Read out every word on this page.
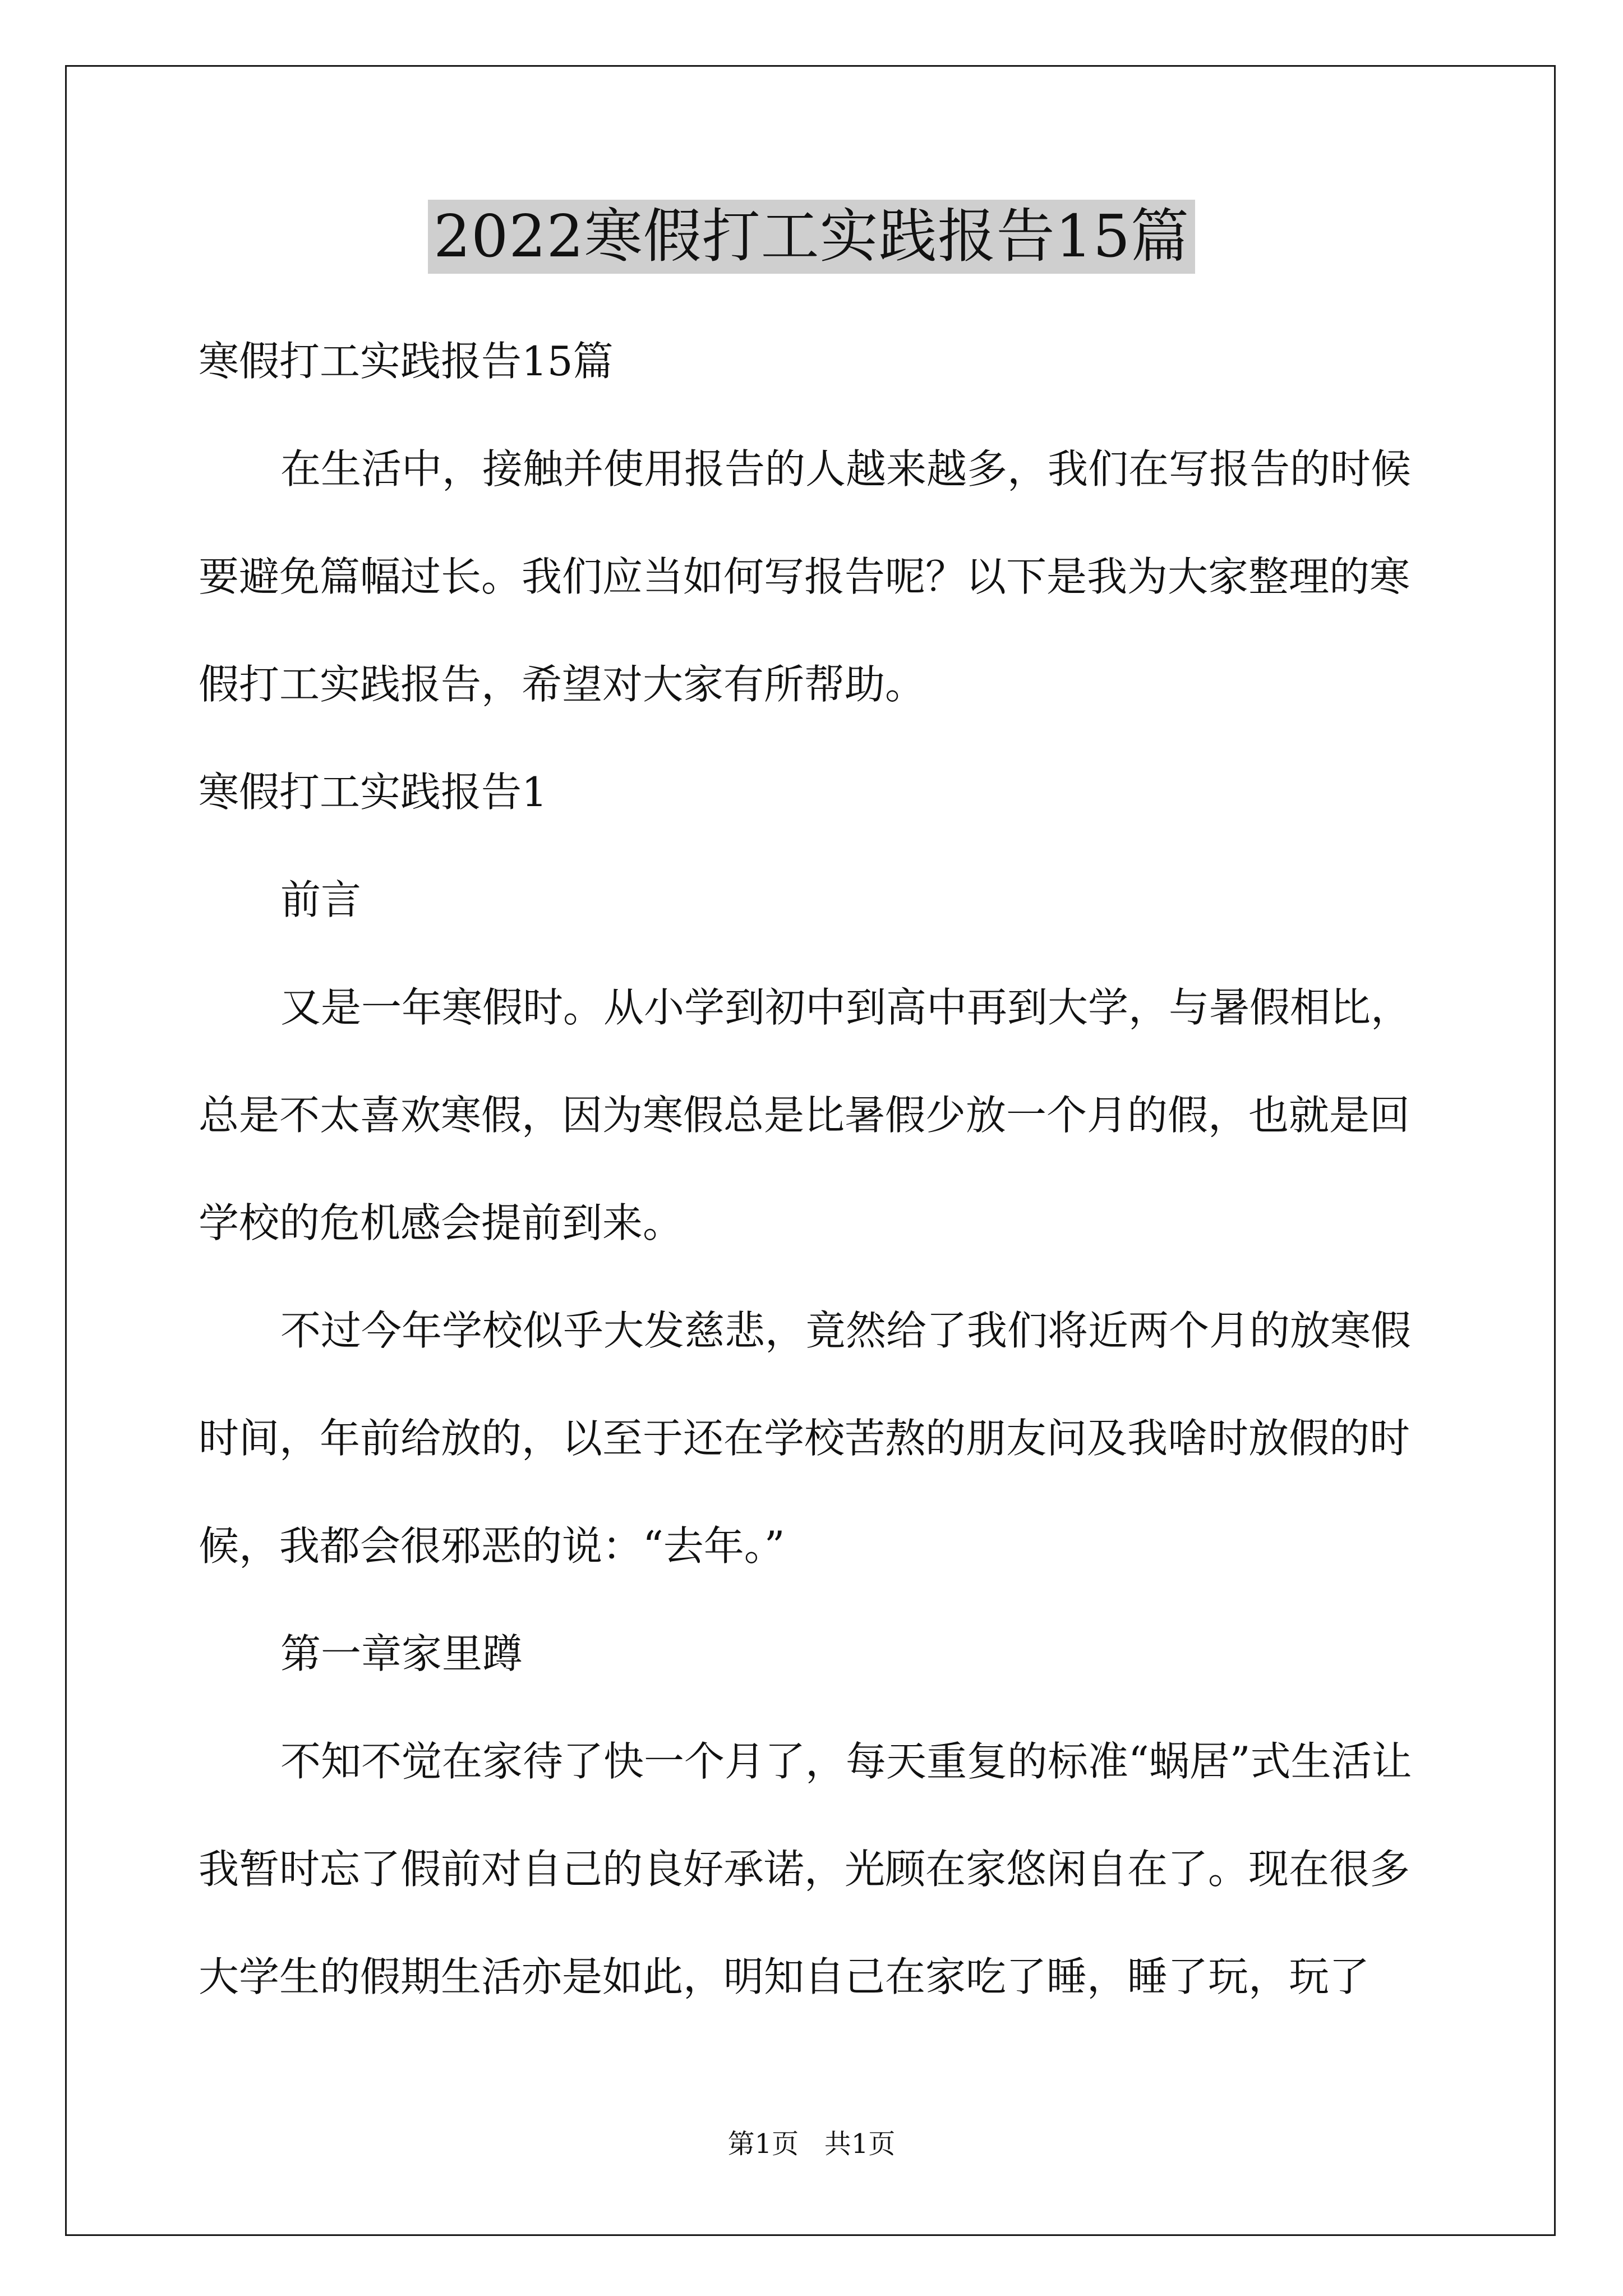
2022寒假打工实践报告15篇

寒假打工实践报告15篇

在生活中，接触并使用报告的人越来越多，我们在写报告的时候要避免篇幅过长。我们应当如何写报告呢？以下是我为大家整理的寒假打工实践报告，希望对大家有所帮助。

寒假打工实践报告1

前言

又是一年寒假时。从小学到初中到高中再到大学，与暑假相比，总是不太喜欢寒假，因为寒假总是比暑假少放一个月的假，也就是回学校的危机感会提前到来。

不过今年学校似乎大发慈悲，竟然给了我们将近两个月的放寒假时间，年前给放的，以至于还在学校苦熬的朋友问及我啥时放假的时候，我都会很邪恶的说：“去年。”

第一章家里蹲

不知不觉在家待了快一个月了，每天重复的标准“蜗居”式生活让我暂时忘了假前对自己的良好承诺，光顾在家悠闲自在了。现在很多大学生的假期生活亦是如此，明知自己在家吃了睡，睡了玩，玩了

第1页   共1页
